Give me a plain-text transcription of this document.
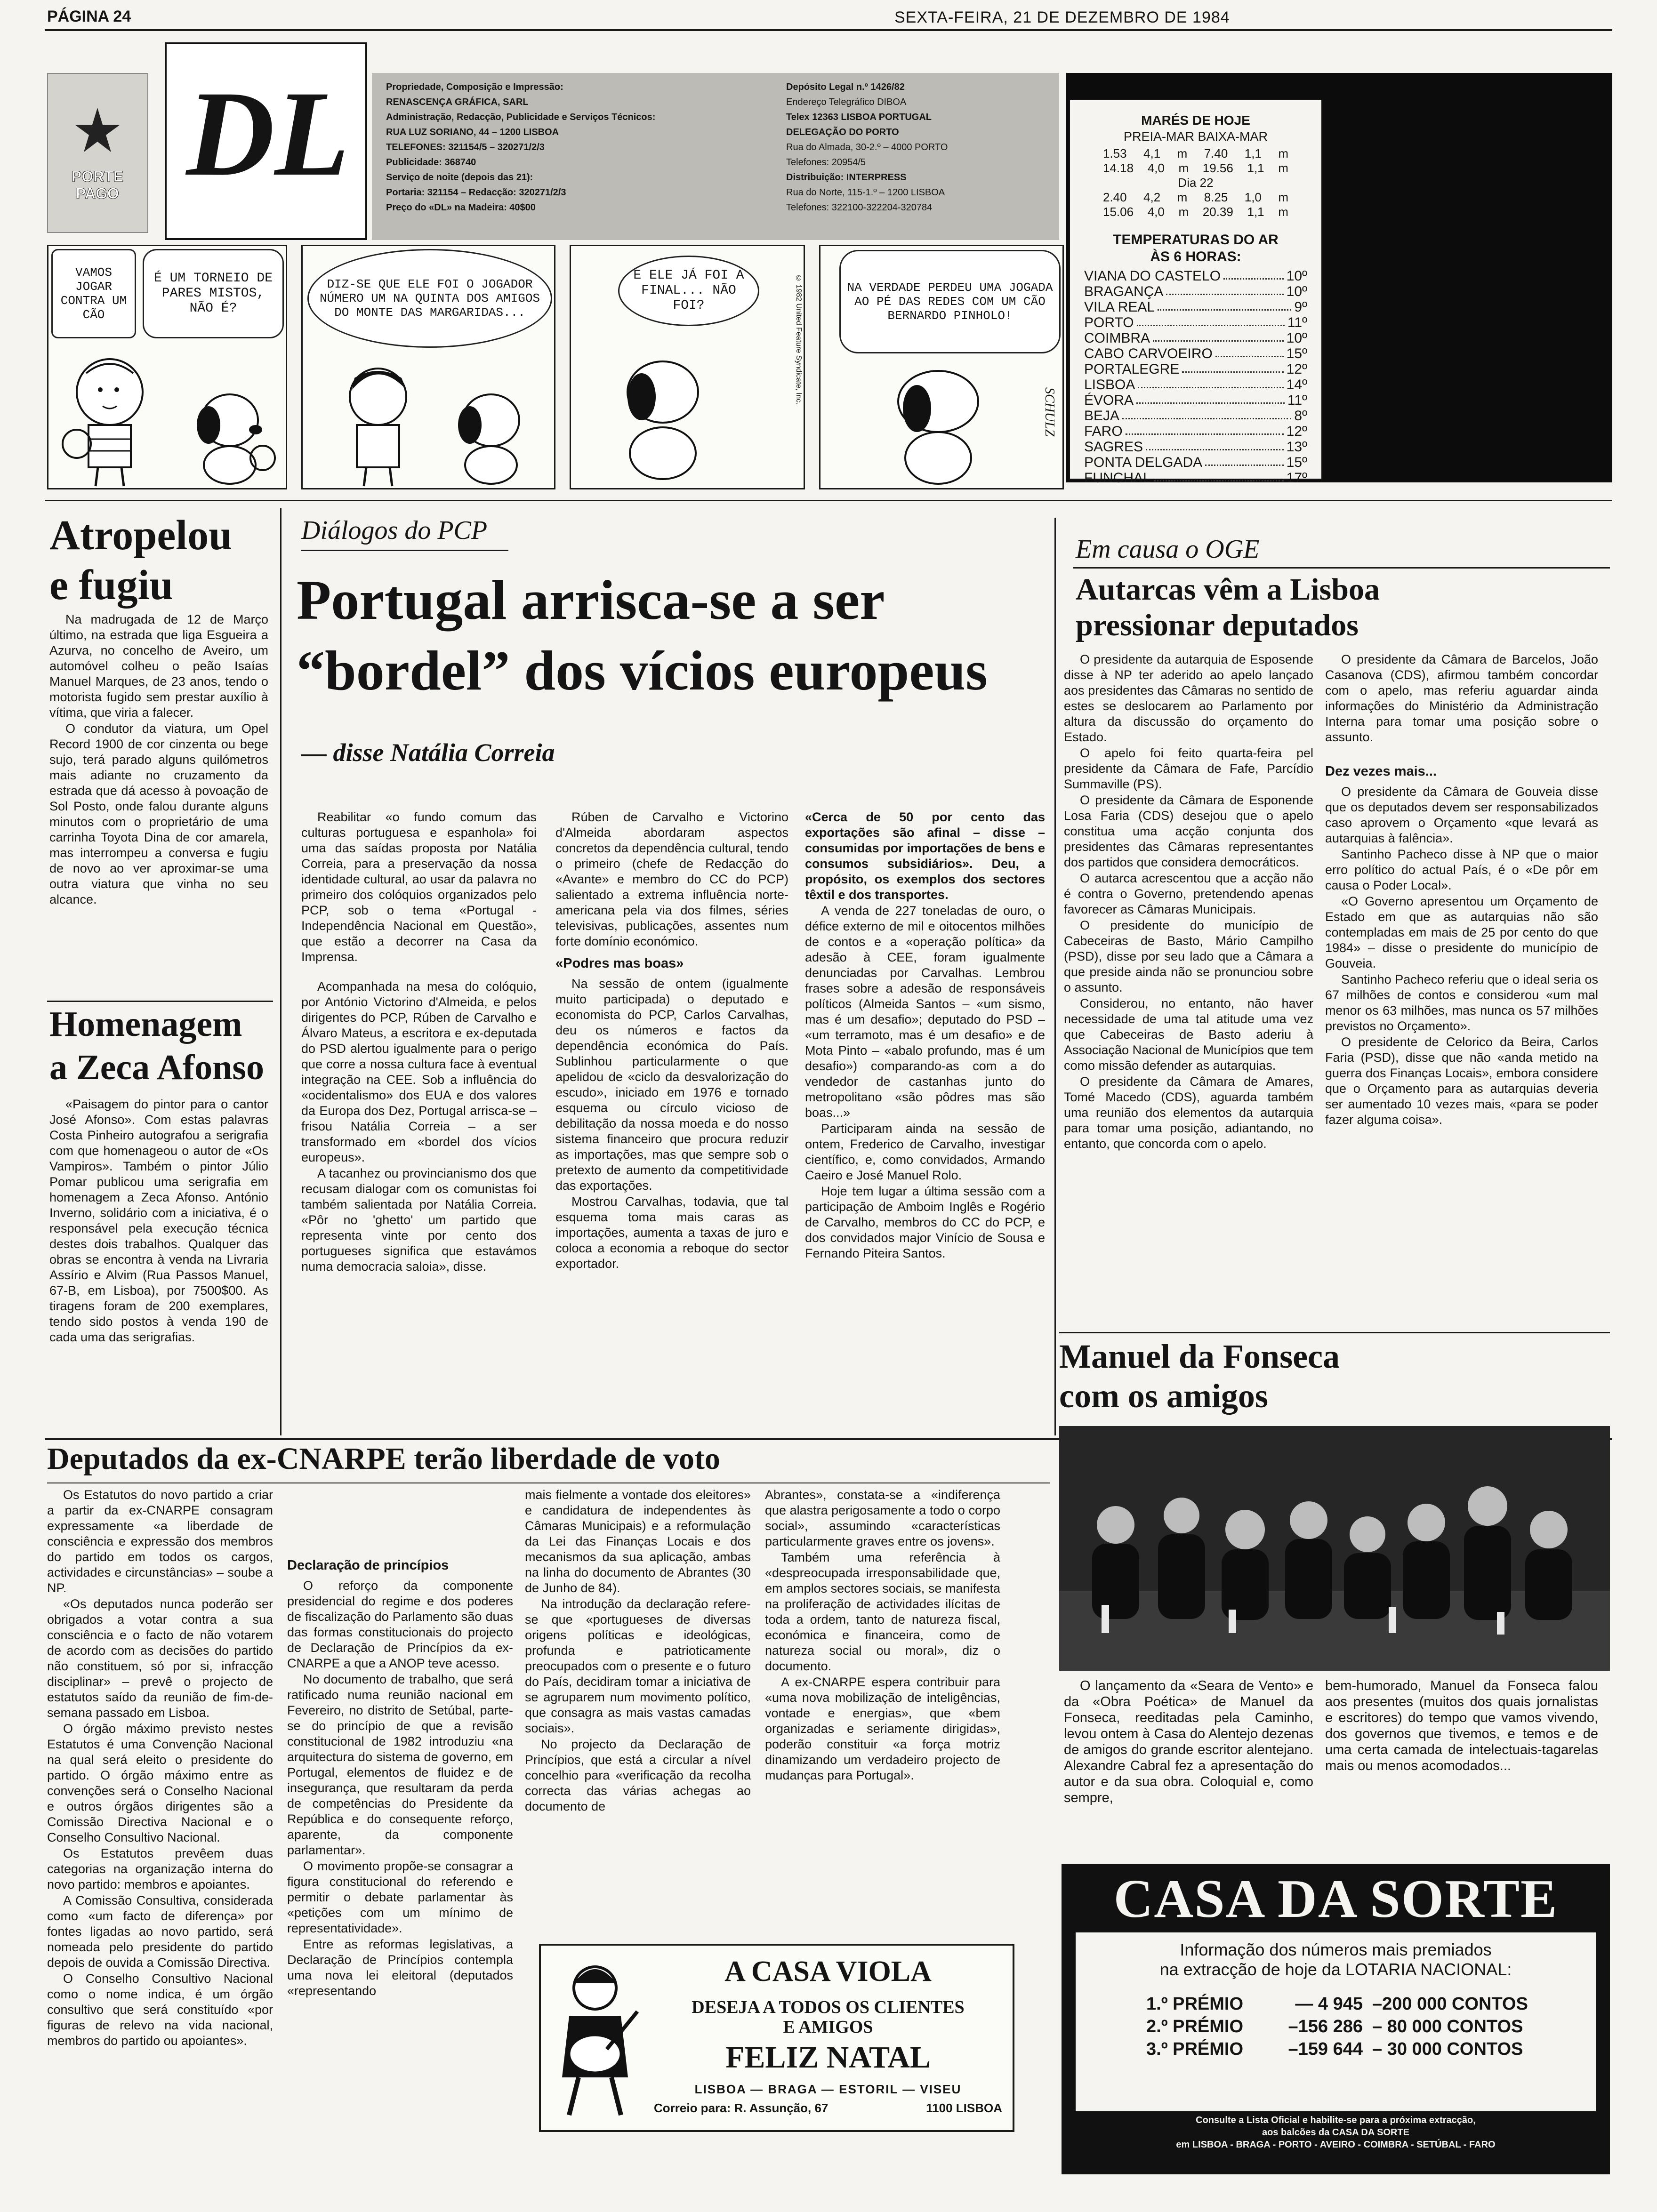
PÁGINA 24	SEXTA-FEIRA, 21 DE DEZEMBRO DE 1984
PORTE PAGO DL	Propriedade, Composição e Impressão:
RENASCENÇA GRÁFICA, SARL
Administração, Redacção, Publicidade e Serviços Técnicos:
RUA LUZ SORIANO, 44 – 1200 LISBOA
TELEFONES: 321154/5 – 320271/2/3
Publicidade: 368740
Serviço de noite (depois das 21):
Portaria: 321154 – Redacção: 320271/2/3
Preço do «DL» na Madeira: 40$00
Depósito Legal n.º 1426/82
Endereço Telegráfico DIBOA
Telex 12363 LISBOA PORTUGAL
DELEGAÇÃO DO PORTO
Rua do Almada, 30-2.º – 4000 PORTO
Telefones: 20954/5
Distribuição: INTERPRESS
Rua do Norte, 115-1.º – 1200 LISBOA
Telefones: 322100-322204-320784
MARÉS DE HOJE
PREIA-MAR BAIXA-MAR
1.53 4,1 m 7.40 1,1 m
14.18 4,0 m 19.56 1,1 m
Dia 22
2.40 4,2 m 8.25 1,0 m
15.06 4,0 m 20.39 1,1 m
TEMPERATURAS DO AR
ÀS 6 HORAS:
VIANA DO CASTELO	10º
BRAGANÇA	10º
VILA REAL	9º
PORTO	11º
COIMBRA	10º
CABO CARVOEIRO	15º
PORTALEGRE	12º
LISBOA	14º
ÉVORA	11º
BEJA	8º
FARO	12º
SAGRES	13º
PONTA DELGADA	15º
FUNCHAL	17º
VAMOS JOGAR CONTRA UM CÃO
É UM TORNEIO DE PARES MISTOS, NÃO É?
DIZ-SE QUE ELE FOI O JOGADOR NÚMERO UM NA QUINTA DOS AMIGOS DO MONTE DAS MARGARIDAS...
E ELE JÁ FOI A FINAL... NÃO FOI?	© 1982 United Feature Syndicate, Inc.	NA VERDADE PERDEU UMA JOGADA AO PÉ DAS REDES COM UM CÃO BERNARDO PINHOLO!
SCHULZ
Atropelou
e fugiu

Na madrugada de 12 de Março último, na estrada que liga Esgueira a Azurva, no concelho de Aveiro, um automóvel colheu o peão Isaías Manuel Marques, de 23 anos, tendo o motorista fugido sem prestar auxílio à vítima, que viria a falecer.

O condutor da viatura, um Opel Record 1900 de cor cinzenta ou bege sujo, terá parado alguns quilómetros mais adiante no cruzamento da estrada que dá acesso à povoação de Sol Posto, onde falou durante alguns minutos com o proprietário de uma carrinha Toyota Dina de cor amarela, mas interrompeu a conversa e fugiu de novo ao ver aproximar-se uma outra viatura que vinha no seu alcance.

Homenagem
a Zeca Afonso

«Paisagem do pintor para o cantor José Afonso». Com estas palavras Costa Pinheiro autografou a serigrafia com que homenageou o autor de «Os Vampiros». Também o pintor Júlio Pomar publicou uma serigrafia em homenagem a Zeca Afonso. António Inverno, solidário com a iniciativa, é o responsável pela execução técnica destes dois trabalhos. Qualquer das obras se encontra à venda na Livraria Assírio e Alvim (Rua Passos Manuel, 67-B, em Lisboa), por 7500$00. As tiragens foram de 200 exemplares, tendo sido postos à venda 190 de cada uma das serigrafias.

Diálogos do PCP
Portugal arrisca-se a ser
“bordel” dos vícios europeus
— disse Natália Correia

Reabilitar «o fundo comum das culturas portuguesa e espanhola» foi uma das saídas proposta por Natália Correia, para a preservação da nossa identidade cultural, ao usar da palavra no primeiro dos colóquios organizados pelo PCP, sob o tema «Portugal - Independência Nacional em Questão», que estão a decorrer na Casa da Imprensa.

Acompanhada na mesa do colóquio, por António Victorino d'Almeida, e pelos dirigentes do PCP, Rúben de Carvalho e Álvaro Mateus, a escritora e ex-deputada do PSD alertou igualmente para o perigo que corre a nossa cultura face à eventual integração na CEE. Sob a influência do «ocidentalismo» dos EUA e dos valores da Europa dos Dez, Portugal arrisca-se – frisou Natália Correia – a ser transformado em «bordel dos vícios europeus».

A tacanhez ou provincianismo dos que recusam dialogar com os comunistas foi também salientada por Natália Correia. «Pôr no 'ghetto' um partido que representa vinte por cento dos portugueses significa que estavámos numa democracia saloia», disse.

Rúben de Carvalho e Victorino d'Almeida abordaram aspectos concretos da dependência cultural, tendo o primeiro (chefe de Redacção do «Avante» e membro do CC do PCP) salientado a extrema influência norte-americana pela via dos filmes, séries televisivas, publicações, assentes num forte domínio económico.

«Podres mas boas»

Na sessão de ontem (igualmente muito participada) o deputado e economista do PCP, Carlos Carvalhas, deu os números e factos da dependência económica do País. Sublinhou particularmente o que apelidou de «ciclo da desvalorização do escudo», iniciado em 1976 e tornado esquema ou círculo vicioso de debilitação da nossa moeda e do nosso sistema financeiro que procura reduzir as importações, mas que sempre sob o pretexto de aumento da competitividade das exportações.

Mostrou Carvalhas, todavia, que tal esquema toma mais caras as importações, aumenta a taxas de juro e coloca a economia a reboque do sector exportador.

«Cerca de 50 por cento das exportações são afinal – disse – consumidas por importações de bens e consumos subsidiários». Deu, a propósito, os exemplos dos sectores têxtil e dos transportes.

A venda de 227 toneladas de ouro, o défice externo de mil e oitocentos milhões de contos e a «operação política» da adesão à CEE, foram igualmente denunciadas por Carvalhas. Lembrou frases sobre a adesão de responsáveis políticos (Almeida Santos – «um sismo, mas é um desafio»; deputado do PSD – «um terramoto, mas é um desafio» e de Mota Pinto – «abalo profundo, mas é um desafio») comparando-as com a do vendedor de castanhas junto do metropolitano «são pôdres mas são boas...»

Participaram ainda na sessão de ontem, Frederico de Carvalho, investigar científico, e, como convidados, Armando Caeiro e José Manuel Rolo.

Hoje tem lugar a última sessão com a participação de Amboim Inglês e Rogério de Carvalho, membros do CC do PCP, e dos convidados major Vinício de Sousa e Fernando Piteira Santos.

Em causa o OGE
Autarcas vêm a Lisboa
pressionar deputados

O presidente da autarquia de Esposende disse à NP ter aderido ao apelo lançado aos presidentes das Câmaras no sentido de estes se deslocarem ao Parlamento por altura da discussão do orçamento do Estado.

O apelo foi feito quarta-feira pel presidente da Câmara de Fafe, Parcídio Summaville (PS).

O presidente da Câmara de Esponende Losa Faria (CDS) desejou que o apelo constitua uma acção conjunta dos presidentes das Câmaras representantes dos partidos que considera democráticos.

O autarca acrescentou que a acção não é contra o Governo, pretendendo apenas favorecer as Câmaras Municipais.

O presidente do município de Cabeceiras de Basto, Mário Campilho (PSD), disse por seu lado que a Câmara a que preside ainda não se pronunciou sobre o assunto.

Considerou, no entanto, não haver necessidade de uma tal atitude uma vez que Cabeceiras de Basto aderiu à Associação Nacional de Municípios que tem como missão defender as autarquias.

O presidente da Câmara de Amares, Tomé Macedo (CDS), aguarda também uma reunião dos elementos da autarquia para tomar uma posição, adiantando, no entanto, que concorda com o apelo.

O presidente da Câmara de Barcelos, João Casanova (CDS), afirmou também concordar com o apelo, mas referiu aguardar ainda informações do Ministério da Administração Interna para tomar uma posição sobre o assunto.

Dez vezes mais...

O presidente da Câmara de Gouveia disse que os deputados devem ser responsabilizados caso aprovem o Orçamento «que levará as autarquias à falência».

Santinho Pacheco disse à NP que o maior erro político do actual País, é o «De pôr em causa o Poder Local».

«O Governo apresentou um Orçamento de Estado em que as autarquias não são contempladas em mais de 25 por cento do que 1984» – disse o presidente do município de Gouveia.

Santinho Pacheco referiu que o ideal seria os 67 milhões de contos e considerou «um mal menor os 63 milhões, mas nunca os 57 milhões previstos no Orçamento».

O presidente de Celorico da Beira, Carlos Faria (PSD), disse que não «anda metido na guerra dos Finanças Locais», embora considere que o Orçamento para as autarquias deveria ser aumentado 10 vezes mais, «para se poder fazer alguma coisa».

Manuel da Fonseca
com os amigos

O lançamento da «Seara de Vento» e da «Obra Poética» de Manuel da Fonseca, reeditadas pela Caminho, levou ontem à Casa do Alentejo dezenas de amigos do grande escritor alentejano. Alexandre Cabral fez a apresentação do autor e da sua obra. Coloquial e, como sempre,

bem-humorado, Manuel da Fonseca falou aos presentes (muitos dos quais jornalistas e escritores) do tempo que vamos vivendo, dos governos que tivemos, e temos e de uma certa camada de intelectuais-tagarelas mais ou menos acomodados...

Deputados da ex-CNARPE terão liberdade de voto

Os Estatutos do novo partido a criar a partir da ex-CNARPE consagram expressamente «a liberdade de consciência e expressão dos membros do partido em todos os cargos, actividades e circunstâncias» – soube a NP.

«Os deputados nunca poderão ser obrigados a votar contra a sua consciência e o facto de não votarem de acordo com as decisões do partido não constituem, só por si, infracção disciplinar» – prevê o projecto de estatutos saído da reunião de fim-de-semana passado em Lisboa.

O órgão máximo previsto nestes Estatutos é uma Convenção Nacional na qual será eleito o presidente do partido. O órgão máximo entre as convenções será o Conselho Nacional e outros órgãos dirigentes são a Comissão Directiva Nacional e o Conselho Consultivo Nacional.

Os Estatutos prevêem duas categorias na organização interna do novo partido: membros e apoiantes.

A Comissão Consultiva, considerada como «um facto de diferença» por fontes ligadas ao novo partido, será nomeada pelo presidente do partido depois de ouvida a Comissão Directiva.

O Conselho Consultivo Nacional como o nome indica, é um órgão consultivo que será constituído «por figuras de relevo na vida nacional, membros do partido ou apoiantes».

Declaração de princípios

O reforço da componente presidencial do regime e dos poderes de fiscalização do Parlamento são duas das formas constitucionais do projecto de Declaração de Princípios da ex-CNARPE a que a ANOP teve acesso.

No documento de trabalho, que será ratificado numa reunião nacional em Fevereiro, no distrito de Setúbal, parte-se do princípio de que a revisão constitucional de 1982 introduziu «na arquitectura do sistema de governo, em Portugal, elementos de fluidez e de insegurança, que resultaram da perda de competências do Presidente da República e do consequente reforço, aparente, da componente parlamentar».

O movimento propõe-se consagrar a figura constitucional do referendo e permitir o debate parlamentar às «petições com um mínimo de representatividade».

Entre as reformas legislativas, a Declaração de Princípios contempla uma nova lei eleitoral (deputados «representando

mais fielmente a vontade dos eleitores» e candidatura de independentes às Câmaras Municipais) e a reformulação da Lei das Finanças Locais e dos mecanismos da sua aplicação, ambas na linha do documento de Abrantes (30 de Junho de 84).

Na introdução da declaração refere-se que «portugueses de diversas origens políticas e ideológicas, profunda e patrioticamente preocupados com o presente e o futuro do País, decidiram tomar a iniciativa de se agruparem num movimento político, que consagra as mais vastas camadas sociais».

No projecto da Declaração de Princípios, que está a circular a nível concelhio para «verificação da recolha correcta das várias achegas ao documento de

Abrantes», constata-se a «indiferença que alastra perigosamente a todo o corpo social», assumindo «características particularmente graves entre os jovens».

Também uma referência à «despreocupada irresponsabilidade que, em amplos sectores sociais, se manifesta na proliferação de actividades ilícitas de toda a ordem, tanto de natureza fiscal, económica e financeira, como de natureza social ou moral», diz o documento.

A ex-CNARPE espera contribuir para «uma nova mobilização de inteligências, vontade e energias», que «bem organizadas e seriamente dirigidas», poderão constituir «a força motriz dinamizando um verdadeiro projecto de mudanças para Portugal».

A CASA VIOLA
DESEJA A TODOS OS CLIENTES
E AMIGOS
FELIZ NATAL
LISBOA — BRAGA — ESTORIL — VISEU
Correio para: R. Assunção, 67	1100 LISBOA
CASA DA SORTE
Informação dos números mais premiados
na extracção de hoje da LOTARIA NACIONAL:
1.º PRÉMIO	— 4 945 –200 000 CONTOS
2.º PRÉMIO	–156 286 – 80 000 CONTOS
3.º PRÉMIO	–159 644 – 30 000 CONTOS
Consulte a Lista Oficial e habilite-se para a próxima extracção,
aos balcões da CASA DA SORTE
em LISBOA - BRAGA - PORTO - AVEIRO - COIMBRA - SETÚBAL - FARO
